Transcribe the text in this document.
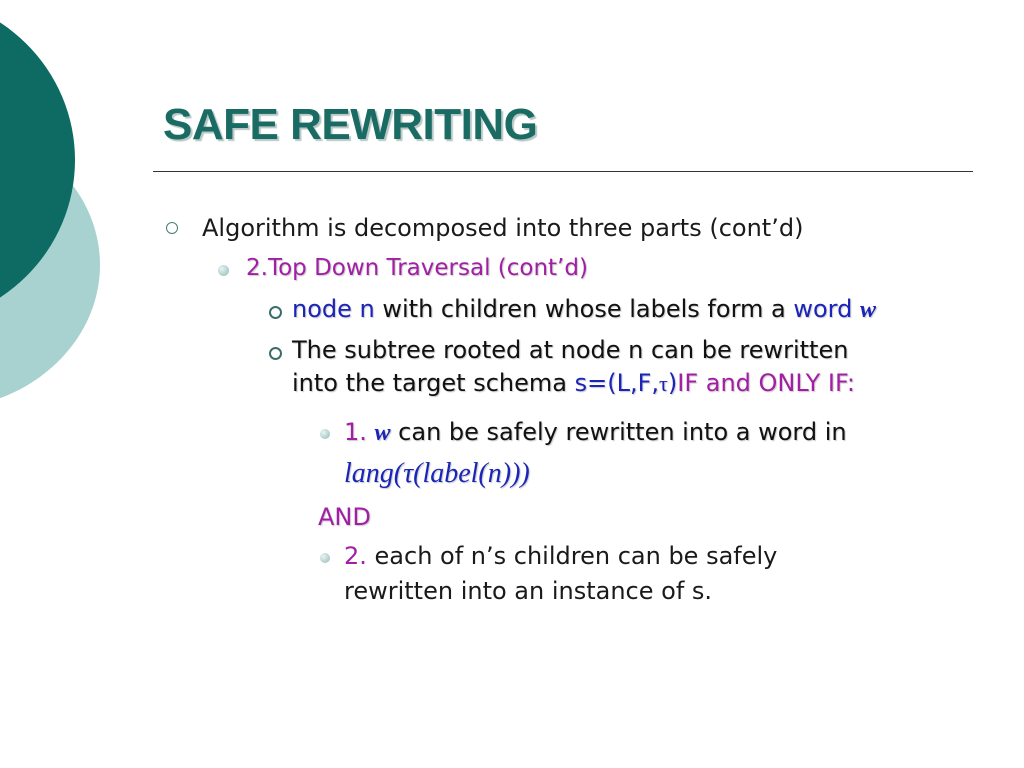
SAFE REWRITING
Algorithm is decomposed into three parts (cont’d)
2.Top Down Traversal (cont’d)
node n with children whose labels form a word w
The subtree rooted at node n can be rewritten
into the target schema s=(L,F,τ)IF and ONLY IF:
1. w can be safely rewritten into a word in
lang(τ(label(n)))
AND
2. each of n’s children can be safely
rewritten into an instance of s.
